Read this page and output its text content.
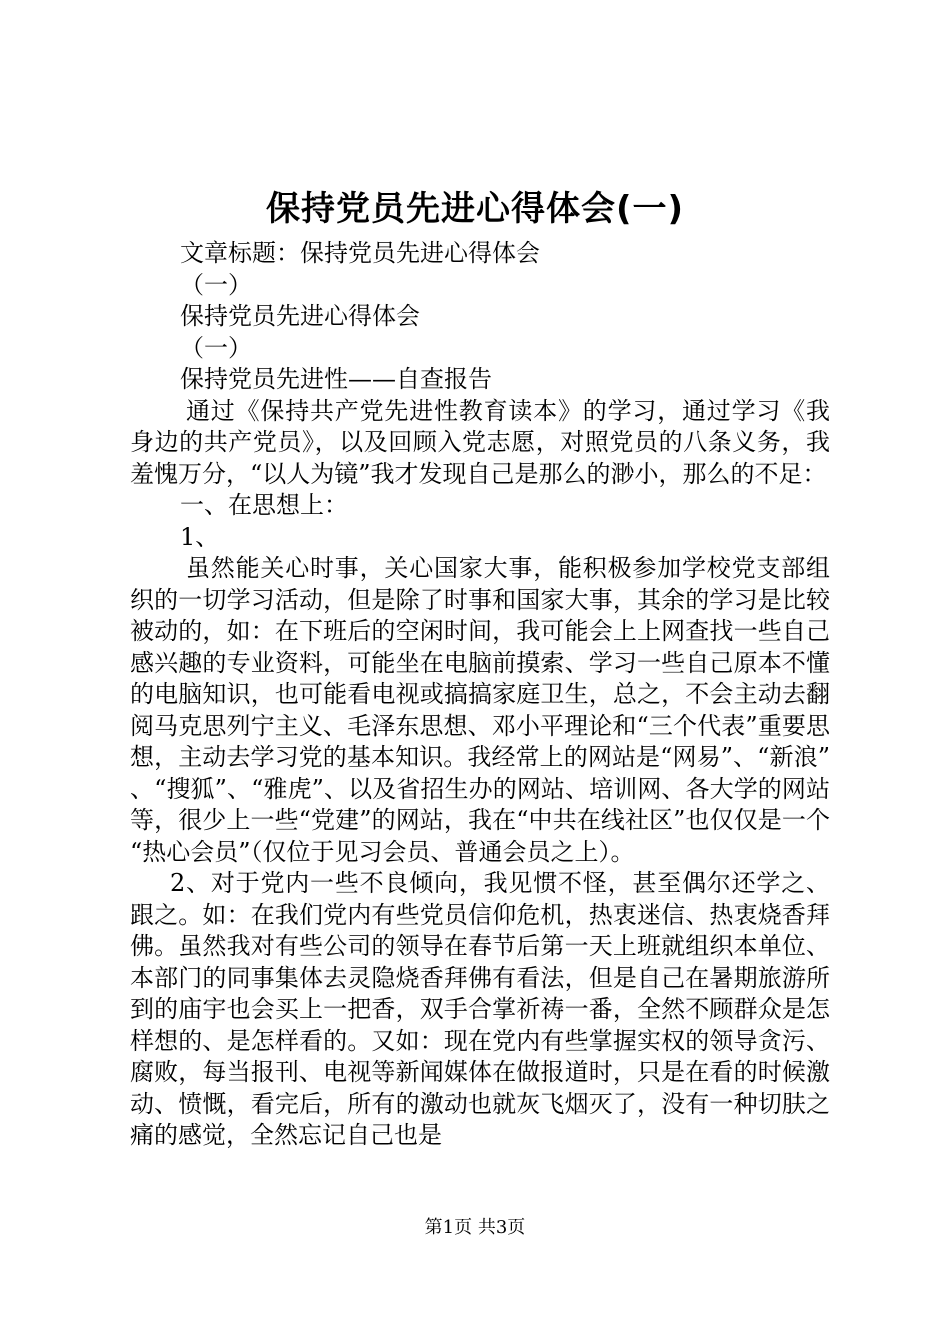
保持党员先进心得体会(一)

文章标题：保持党员先进心得体会

（一）

保持党员先进心得体会

（一）

保持党员先进性——自查报告

通过《保持共产党先进性教育读本》的学习，通过学习《我身边的共产党员》，以及回顾入党志愿，对照党员的八条义务，我羞愧万分，“以人为镜”我才发现自己是那么的渺小，那么的不足：

一、在思想上：

1、

虽然能关心时事，关心国家大事，能积极参加学校党支部组织的一切学习活动，但是除了时事和国家大事，其余的学习是比较被动的，如：在下班后的空闲时间，我可能会上上网查找一些自己感兴趣的专业资料，可能坐在电脑前摸索、学习一些自己原本不懂的电脑知识，也可能看电视或搞搞家庭卫生，总之，不会主动去翻阅马克思列宁主义、毛泽东思想、邓小平理论和“三个代表”重要思想，主动去学习党的基本知识。我经常上的网站是“网易”、“新浪”、“搜狐”、“雅虎”、以及省招生办的网站、培训网、各大学的网站等，很少上一些“党建”的网站，我在“中共在线社区”也仅仅是一个“热心会员”（仅位于见习会员、普通会员之上）。

2、对于党内一些不良倾向，我见惯不怪，甚至偶尔还学之、跟之。如：在我们党内有些党员信仰危机，热衷迷信、热衷烧香拜佛。虽然我对有些公司的领导在春节后第一天上班就组织本单位、本部门的同事集体去灵隐烧香拜佛有看法，但是自己在暑期旅游所到的庙宇也会买上一把香，双手合掌祈祷一番，全然不顾群众是怎样想的、是怎样看的。又如：现在党内有些掌握实权的领导贪污、腐败，每当报刊、电视等新闻媒体在做报道时，只是在看的时候激动、愤慨，看完后，所有的激动也就灰飞烟灭了，没有一种切肤之痛的感觉，全然忘记自己也是

第1页 共3页
